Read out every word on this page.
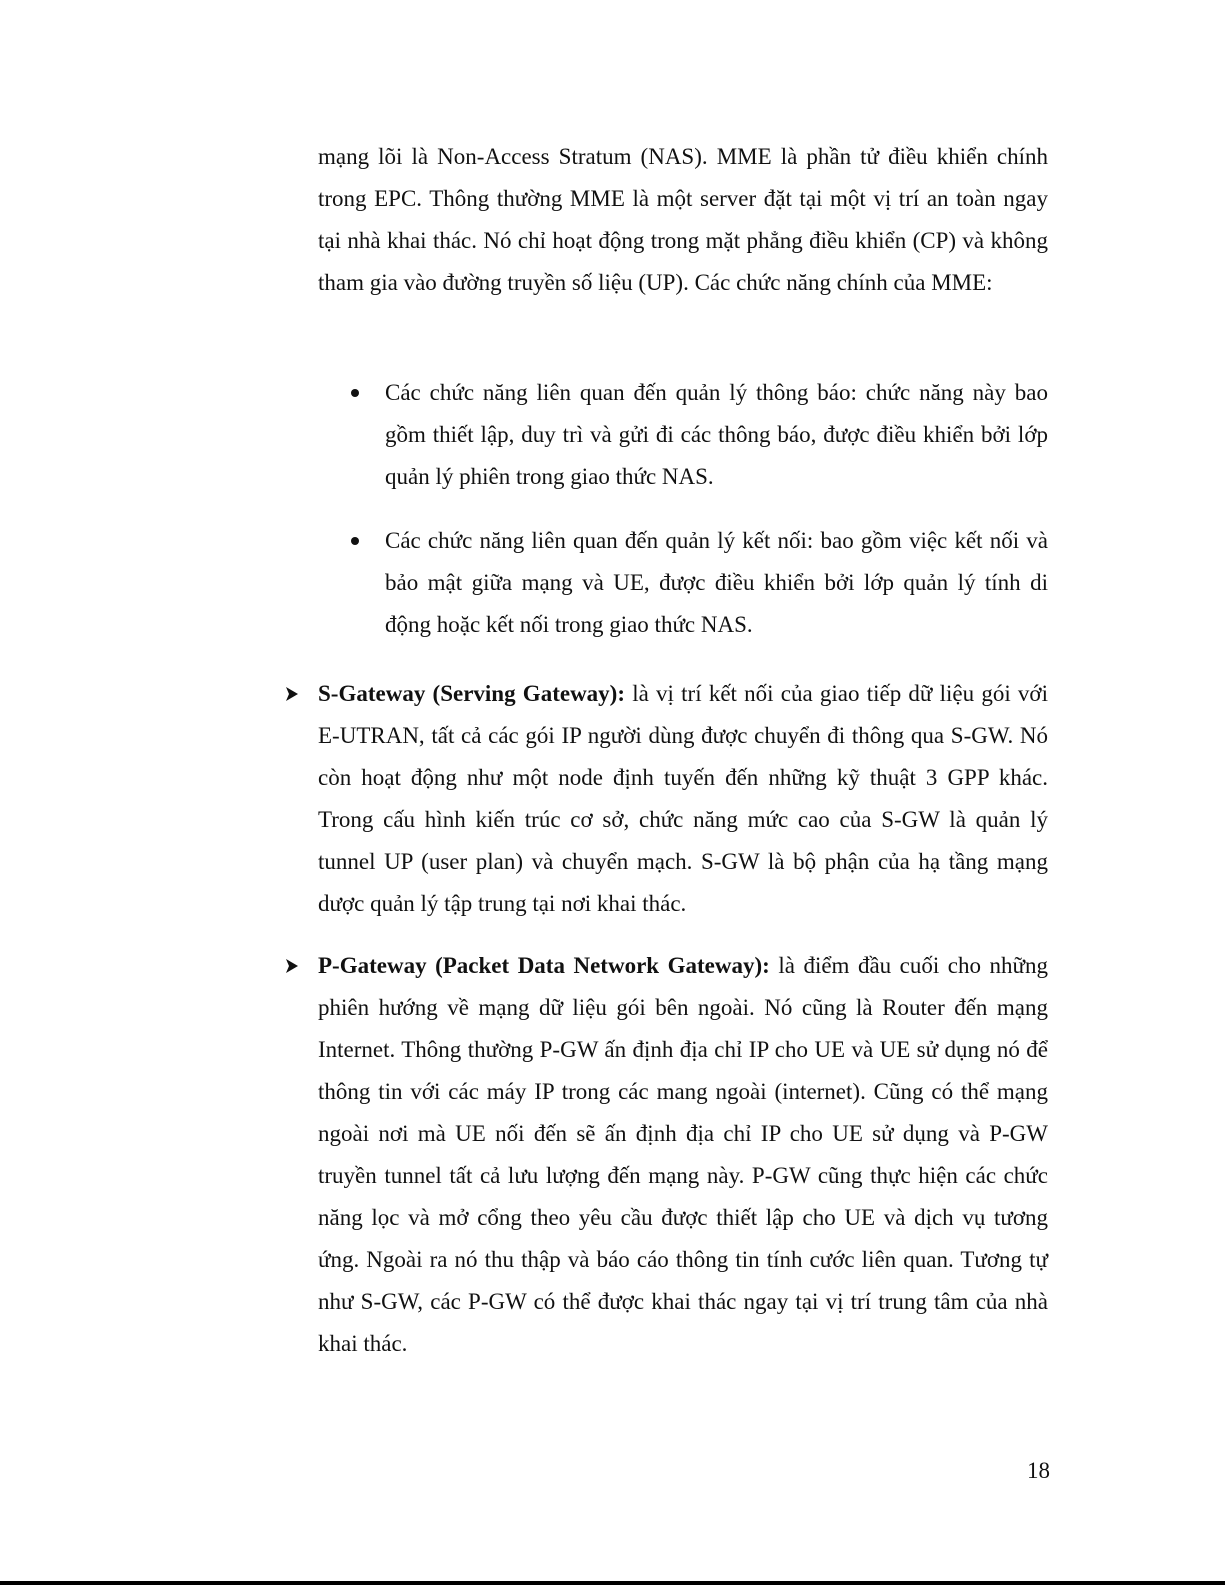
mạng lõi là Non-Access Stratum (NAS). MME là phần tử điều khiển chính trong EPC. Thông thường MME là một server đặt tại một vị trí an toàn ngay tại nhà khai thác. Nó chỉ hoạt động trong mặt phẳng điều khiển (CP) và không tham gia vào đường truyền số liệu (UP). Các chức năng chính của MME:

Các chức năng liên quan đến quản lý thông báo: chức năng này bao gồm thiết lập, duy trì và gửi đi các thông báo, được điều khiển bởi lớp quản lý phiên trong giao thức NAS.

Các chức năng liên quan đến quản lý kết nối: bao gồm việc kết nối và bảo mật giữa mạng và UE, được điều khiển bởi lớp quản lý tính di động hoặc kết nối trong giao thức NAS.

S-Gateway (Serving Gateway): là vị trí kết nối của giao tiếp dữ liệu gói với E-UTRAN, tất cả các gói IP người dùng được chuyển đi thông qua S-GW. Nó còn hoạt động như một node định tuyến đến những kỹ thuật 3 GPP khác. Trong cấu hình kiến trúc cơ sở, chức năng mức cao của S-GW là quản lý tunnel UP (user plan) và chuyển mạch. S-GW là bộ phận của hạ tầng mạng dược quản lý tập trung tại nơi khai thác.

P-Gateway (Packet Data Network Gateway): là điểm đầu cuối cho những phiên hướng về mạng dữ liệu gói bên ngoài. Nó cũng là Router đến mạng Internet. Thông thường P-GW ấn định địa chỉ IP cho UE và UE sử dụng nó để thông tin với các máy IP trong các mang ngoài (internet). Cũng có thể mạng ngoài nơi mà UE nối đến sẽ ấn định địa chỉ IP cho UE sử dụng và P-GW truyền tunnel tất cả lưu lượng đến mạng này. P-GW cũng thực hiện các chức năng lọc và mở cổng theo yêu cầu được thiết lập cho UE và dịch vụ tương ứng. Ngoài ra nó thu thập và báo cáo thông tin tính cước liên quan. Tương tự như S-GW, các P-GW có thể được khai thác ngay tại vị trí trung tâm của nhà khai thác.

18
